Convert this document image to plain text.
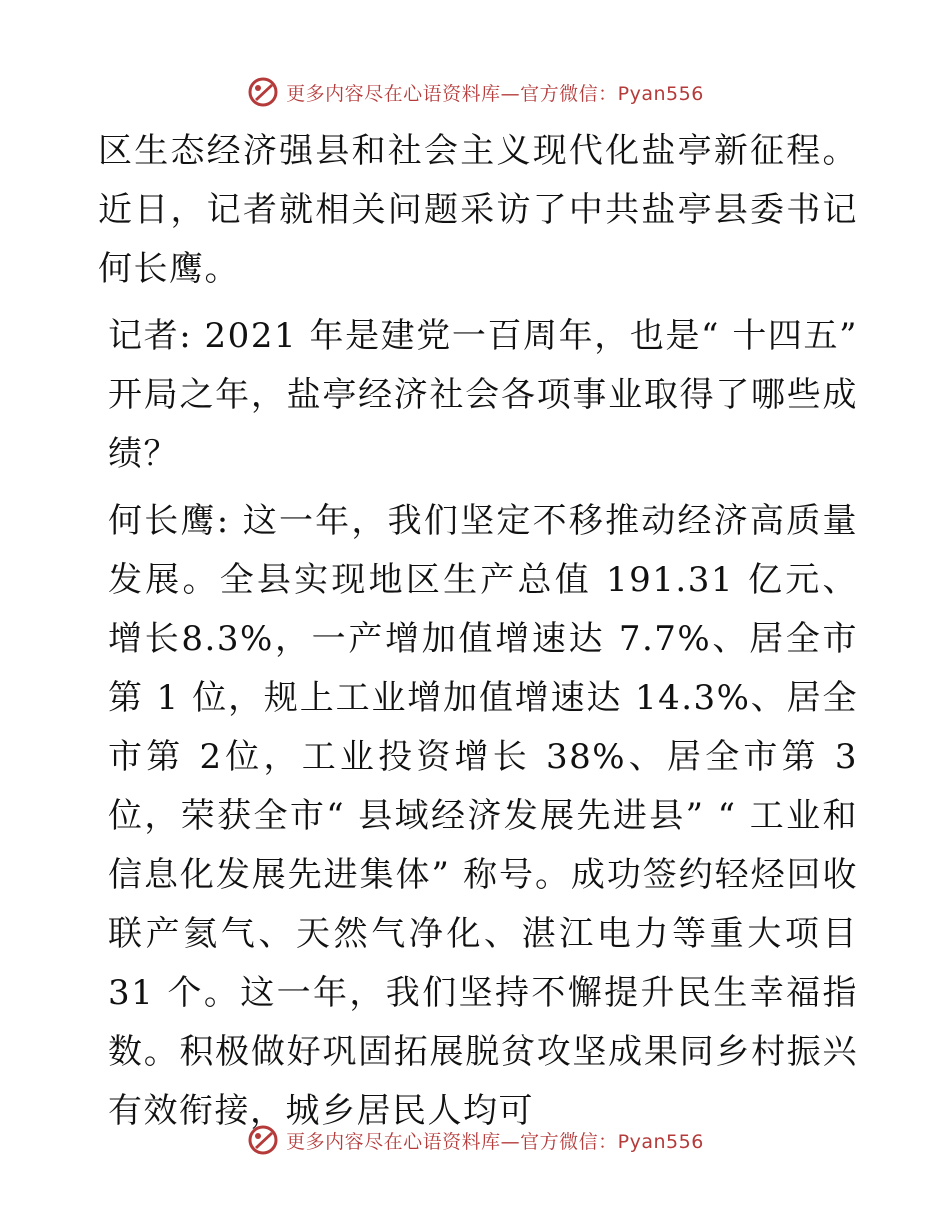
更多内容尽在心语资料库—官方微信：Pyan556

区生态经济强县和社会主义现代化盐亭新征程。近日，记者就相关问题采访了中共盐亭县委书记何长鹰。

记者: 2021 年是建党一百周年，也是“ 十四五” 开局之年，盐亭经济社会各项事业取得了哪些成绩？

何长鹰: 这一年，我们坚定不移推动经济高质量发展。全县实现地区生产总值 191.31 亿元、增长8.3%，一产增加值增速达 7.7%、居全市第 1 位，规上工业增加值增速达 14.3%、居全市第 2位，工业投资增长 38%、居全市第 3 位，荣获全市“ 县域经济发展先进县” “ 工业和信息化发展先进集体” 称号。成功签约轻烃回收联产氦气、天然气净化、湛江电力等重大项目 31 个。这一年，我们坚持不懈提升民生幸福指数。积极做好巩固拓展脱贫攻坚成果同乡村振兴有效衔接，城乡居民人均可

更多内容尽在心语资料库—官方微信：Pyan556
